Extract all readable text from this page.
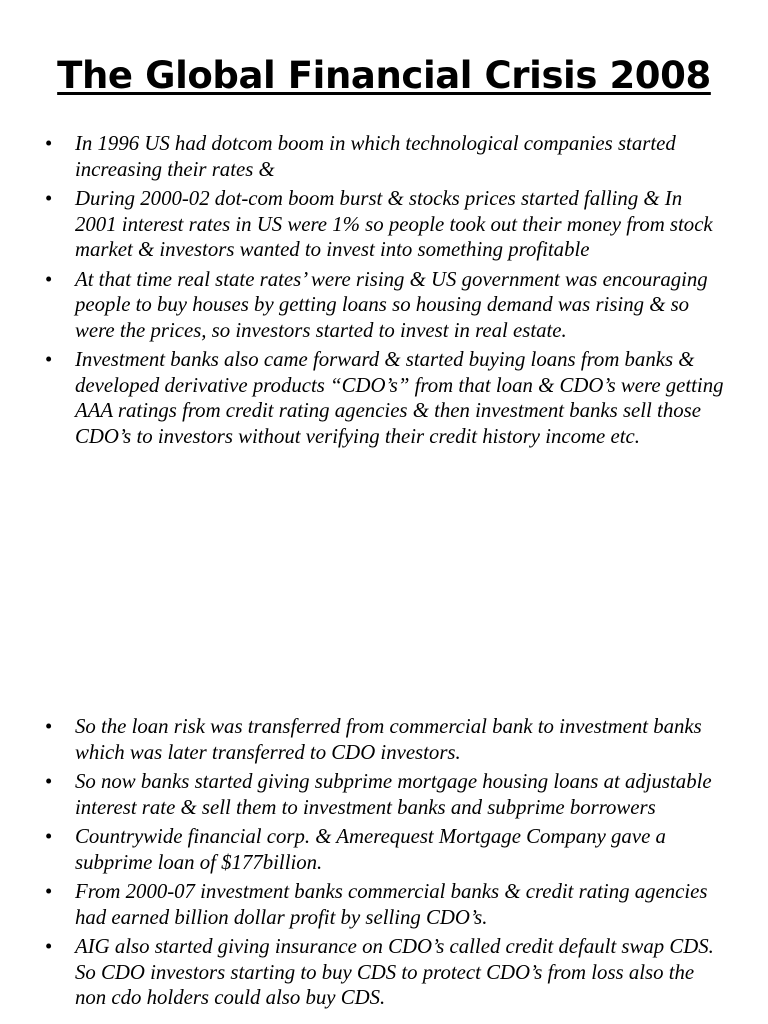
The Global Financial Crisis 2008
• In 1996 US had dotcom boom in which technological companies started increasing their rates &
• During 2000-02 dot-com boom burst & stocks prices started falling & In 2001 interest rates in US were 1% so people took out their money from stock market & investors wanted to invest into something profitable
• At that time real state rates’ were rising & US government was encouraging people to buy houses by getting loans so housing demand was rising & so were the prices, so investors started to invest in real estate.
• Investment banks also came forward & started buying loans from banks & developed derivative products “CDO’s” from that loan & CDO’s were getting AAA ratings from credit rating agencies & then investment banks sell those CDO’s to investors without verifying their credit history income etc.
• So the loan risk was transferred from commercial bank to investment banks which was later transferred to CDO investors.
• So now banks started giving subprime mortgage housing loans at adjustable interest rate & sell them to investment banks and subprime borrowers
• Countrywide financial corp. & Amerequest Mortgage Company gave a subprime loan of $177billion.
• From 2000-07 investment banks commercial banks & credit rating agencies had earned billion dollar profit by selling CDO’s.
• AIG also started giving insurance on CDO’s called credit default swap CDS. So CDO investors starting to buy CDS to protect CDO’s from loss also the non cdo holders could also buy CDS.
